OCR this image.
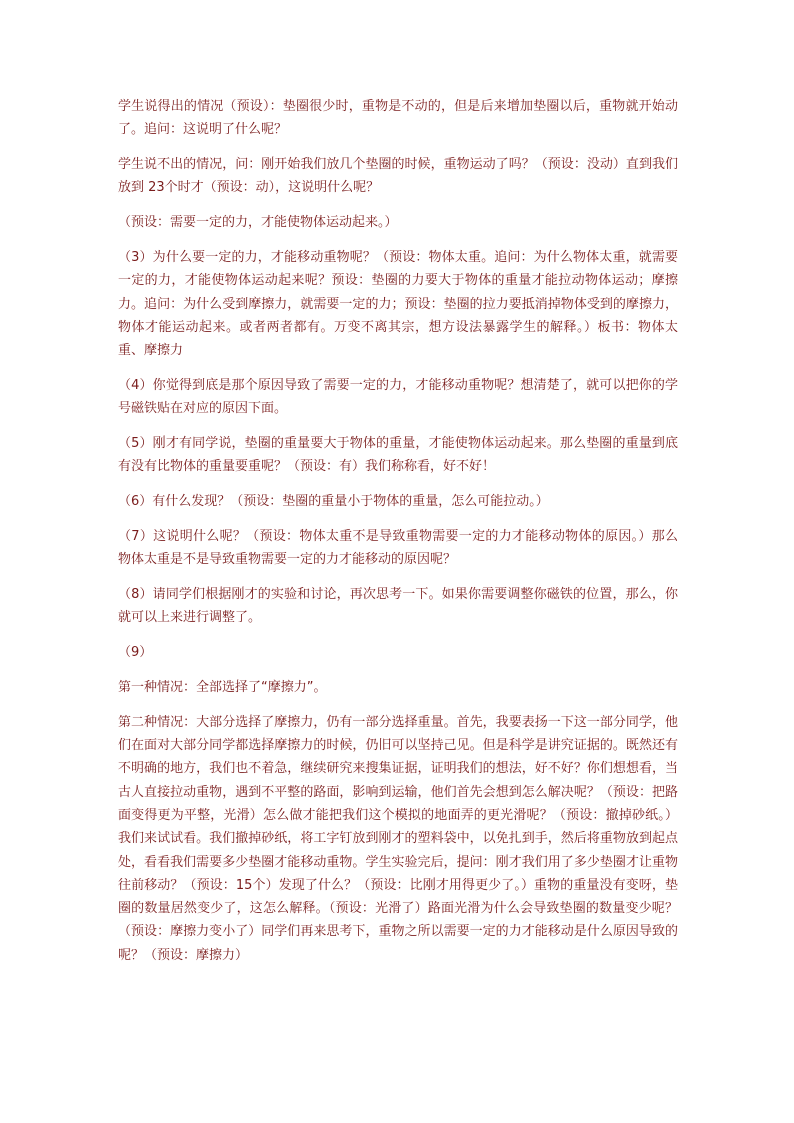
学生说得出的情况（预设）：垫圈很少时，重物是不动的，但是后来增加垫圈以后，重物就开始动了。追问：这说明了什么呢？

学生说不出的情况，问：刚开始我们放几个垫圈的时候，重物运动了吗？（预设：没动）直到我们放到 23个时才（预设：动），这说明什么呢？

（预设：需要一定的力，才能使物体运动起来。）

（3）为什么要一定的力，才能移动重物呢？（预设：物体太重。追问：为什么物体太重，就需要一定的力，才能使物体运动起来呢？预设：垫圈的力要大于物体的重量才能拉动物体运动；摩擦力。追问：为什么受到摩擦力，就需要一定的力；预设：垫圈的拉力要抵消掉物体受到的摩擦力，物体才能运动起来。或者两者都有。万变不离其宗，想方设法暴露学生的解释。）板书：物体太重、摩擦力

（4）你觉得到底是那个原因导致了需要一定的力，才能移动重物呢？想清楚了，就可以把你的学号磁铁贴在对应的原因下面。

（5）刚才有同学说，垫圈的重量要大于物体的重量，才能使物体运动起来。那么垫圈的重量到底有没有比物体的重量要重呢？（预设：有）我们称称看，好不好！

（6）有什么发现？（预设：垫圈的重量小于物体的重量，怎么可能拉动。）

（7）这说明什么呢？（预设：物体太重不是导致重物需要一定的力才能移动物体的原因。）那么物体太重是不是导致重物需要一定的力才能移动的原因呢？

（8）请同学们根据刚才的实验和讨论，再次思考一下。如果你需要调整你磁铁的位置，那么，你就可以上来进行调整了。

（9）

第一种情况：全部选择了“摩擦力”。

第二种情况：大部分选择了摩擦力，仍有一部分选择重量。首先，我要表扬一下这一部分同学，他们在面对大部分同学都选择摩擦力的时候，仍旧可以坚持己见。但是科学是讲究证据的。既然还有不明确的地方，我们也不着急，继续研究来搜集证据，证明我们的想法，好不好？你们想想看，当古人直接拉动重物，遇到不平整的路面，影响到运输，他们首先会想到怎么解决呢？（预设：把路面变得更为平整，光滑）怎么做才能把我们这个模拟的地面弄的更光滑呢？（预设：撤掉砂纸。）我们来试试看。我们撤掉砂纸，将工字钉放到刚才的塑料袋中，以免扎到手，然后将重物放到起点处，看看我们需要多少垫圈才能移动重物。学生实验完后，提问：刚才我们用了多少垫圈才让重物往前移动？（预设：15个）发现了什么？（预设：比刚才用得更少了。）重物的重量没有变呀，垫圈的数量居然变少了，这怎么解释。（预设：光滑了）路面光滑为什么会导致垫圈的数量变少呢？（预设：摩擦力变小了）同学们再来思考下，重物之所以需要一定的力才能移动是什么原因导致的呢？（预设：摩擦力）
